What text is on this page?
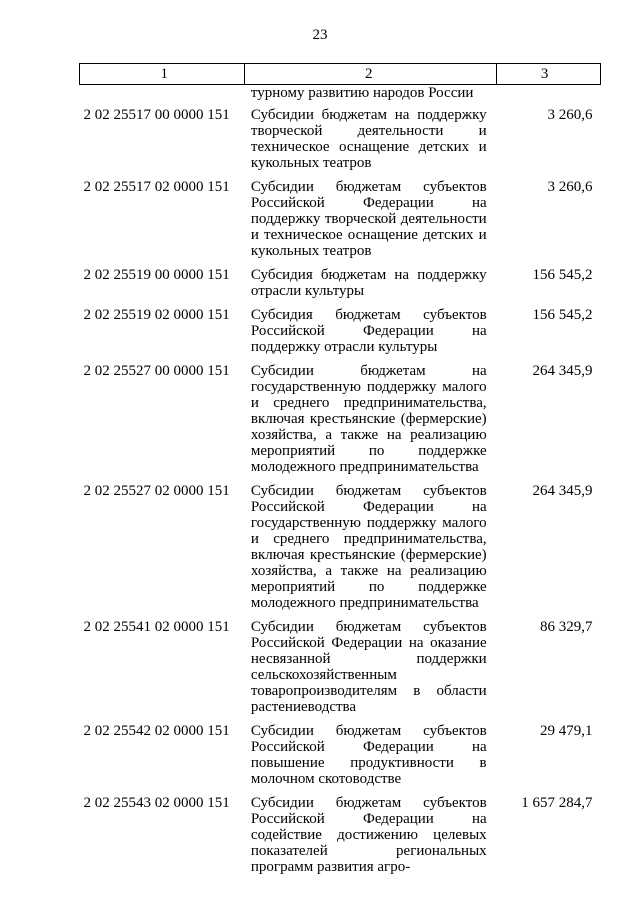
23
1	2	3
	турному развитию народов России	
2 02 25517 00 0000 151	Субсидии бюджетам на поддержку творческой деятельности и техническое оснащение детских и кукольных театров	3 260,6
2 02 25517 02 0000 151	Субсидии бюджетам субъектов Российской Федерации на поддержку творческой деятельности и техническое оснащение детских и кукольных театров	3 260,6
2 02 25519 00 0000 151	Субсидия бюджетам на поддержку отрасли культуры	156 545,2
2 02 25519 02 0000 151	Субсидия бюджетам субъектов Российской Федерации на поддержку отрасли культуры	156 545,2
2 02 25527 00 0000 151	Субсидии бюджетам на государственную поддержку малого и среднего предпринимательства, включая крестьянские (фермерские) хозяйства, а также на реализацию мероприятий по поддержке молодежного предпринимательства	264 345,9
2 02 25527 02 0000 151	Субсидии бюджетам субъектов Российской Федерации на государственную поддержку малого и среднего предпринимательства, включая крестьянские (фермерские) хозяйства, а также на реализацию мероприятий по поддержке молодежного предпринимательства	264 345,9
2 02 25541 02 0000 151	Субсидии бюджетам субъектов Российской Федерации на оказание несвязанной поддержки сельскохозяйственным товаропроизводителям в области растениеводства	86 329,7
2 02 25542 02 0000 151	Субсидии бюджетам субъектов Российской Федерации на повышение продуктивности в молочном скотоводстве	29 479,1
2 02 25543 02 0000 151	Субсидии бюджетам субъектов Российской Федерации на содействие достижению целевых показателей региональных программ развития агро-	1 657 284,7
